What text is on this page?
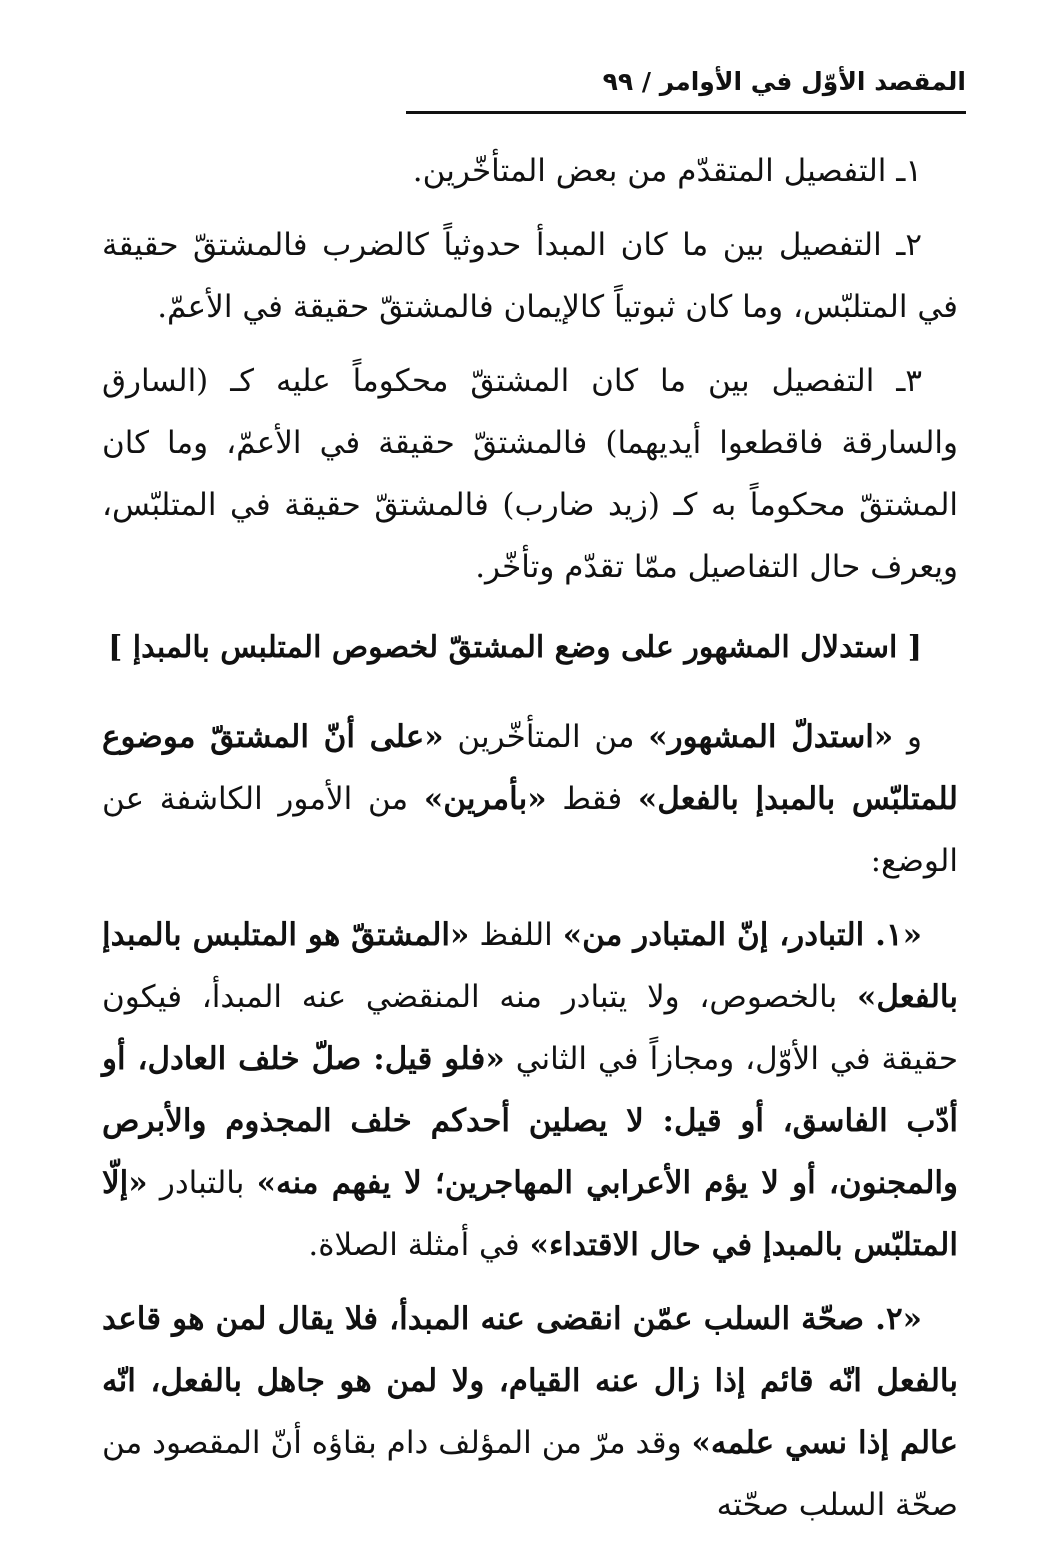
المقصد الأوّل في الأوامر / ٩٩

١ـ التفصيل المتقدّم من بعض المتأخّرين.

٢ـ التفصيل بين ما كان المبدأ حدوثياً كالضرب فالمشتقّ حقيقة في المتلبّس، وما كان ثبوتياً كالإيمان فالمشتقّ حقيقة في الأعمّ.

٣ـ التفصيل بين ما كان المشتقّ محكوماً عليه كـ (السارق والسارقة فاقطعوا أيديهما) فالمشتقّ حقيقة في الأعمّ، وما كان المشتقّ محكوماً به كـ (زيد ضارب) فالمشتقّ حقيقة في المتلبّس، ويعرف حال التفاصيل ممّا تقدّم وتأخّر.

[ استدلال المشهور على وضع المشتقّ لخصوص المتلبس بالمبدإ ]

و «استدلّ المشهور» من المتأخّرين «على أنّ المشتقّ موضوع للمتلبّس بالمبدإ بالفعل» فقط «بأمرين» من الأمور الكاشفة عن الوضع:

«١. التبادر، إنّ المتبادر من» اللفظ «المشتقّ هو المتلبس بالمبدإ بالفعل» بالخصوص، ولا يتبادر منه المنقضي عنه المبدأ، فيكون حقيقة في الأوّل، ومجازاً في الثاني «فلو قيل: صلّ خلف العادل، أو أدّب الفاسق، أو قيل: لا يصلين أحدكم خلف المجذوم والأبرص والمجنون، أو لا يؤم الأعرابي المهاجرين؛ لا يفهم منه» بالتبادر «إلّا المتلبّس بالمبدإ في حال الاقتداء» في أمثلة الصلاة.

«٢. صحّة السلب عمّن انقضى عنه المبدأ، فلا يقال لمن هو قاعد بالفعل انّه قائم إذا زال عنه القيام، ولا لمن هو جاهل بالفعل، انّه عالم إذا نسي علمه» وقد مرّ من المؤلف دام بقاؤه أنّ المقصود من صحّة السلب صحّته
